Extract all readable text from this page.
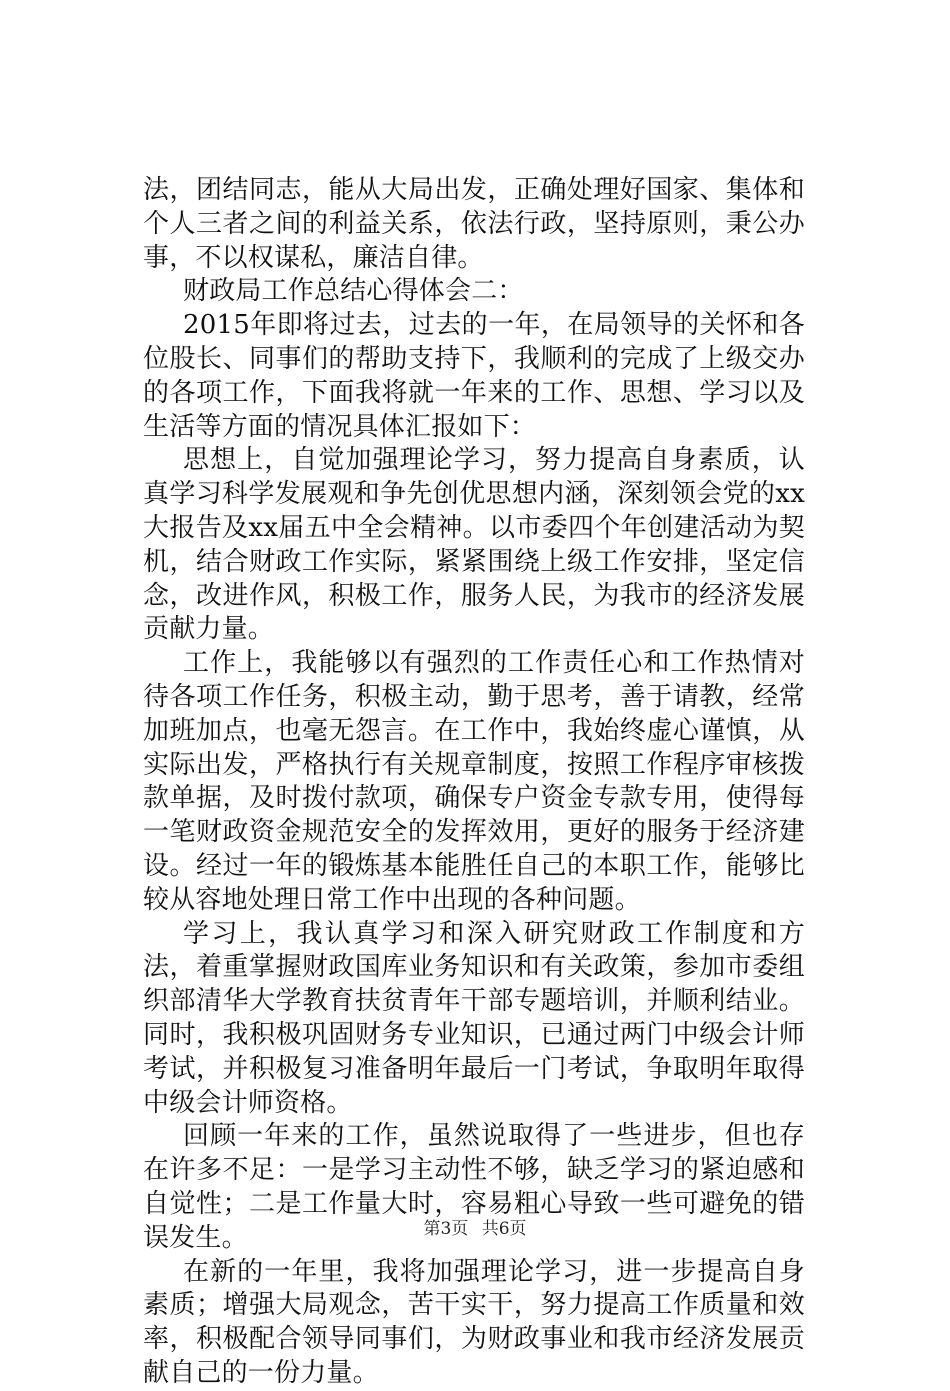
法，团结同志，能从大局出发，正确处理好国家、集体和个人三者之间的利益关系，依法行政，坚持原则，秉公办事，不以权谋私，廉洁自律。

财政局工作总结心得体会二：

2015年即将过去，过去的一年，在局领导的关怀和各位股长、同事们的帮助支持下，我顺利的完成了上级交办的各项工作，下面我将就一年来的工作、思想、学习以及生活等方面的情况具体汇报如下：

思想上，自觉加强理论学习，努力提高自身素质，认真学习科学发展观和争先创优思想内涵，深刻领会党的xx大报告及xx届五中全会精神。以市委四个年创建活动为契机，结合财政工作实际，紧紧围绕上级工作安排，坚定信念，改进作风，积极工作，服务人民，为我市的经济发展贡献力量。

工作上，我能够以有强烈的工作责任心和工作热情对待各项工作任务，积极主动，勤于思考，善于请教，经常加班加点，也毫无怨言。在工作中，我始终虚心谨慎，从实际出发，严格执行有关规章制度，按照工作程序审核拨款单据，及时拨付款项，确保专户资金专款专用，使得每一笔财政资金规范安全的发挥效用，更好的服务于经济建设。经过一年的锻炼基本能胜任自己的本职工作，能够比较从容地处理日常工作中出现的各种问题。

学习上，我认真学习和深入研究财政工作制度和方法，着重掌握财政国库业务知识和有关政策，参加市委组织部清华大学教育扶贫青年干部专题培训，并顺利结业。同时，我积极巩固财务专业知识，已通过两门中级会计师考试，并积极复习准备明年最后一门考试，争取明年取得中级会计师资格。

回顾一年来的工作，虽然说取得了一些进步，但也存在许多不足：一是学习主动性不够，缺乏学习的紧迫感和自觉性；二是工作量大时，容易粗心导致一些可避免的错误发生。

在新的一年里，我将加强理论学习，进一步提高自身素质；增强大局观念，苦干实干，努力提高工作质量和效率，积极配合领导同事们，为财政事业和我市经济发展贡献自己的一份力量。

第3页 共6页
